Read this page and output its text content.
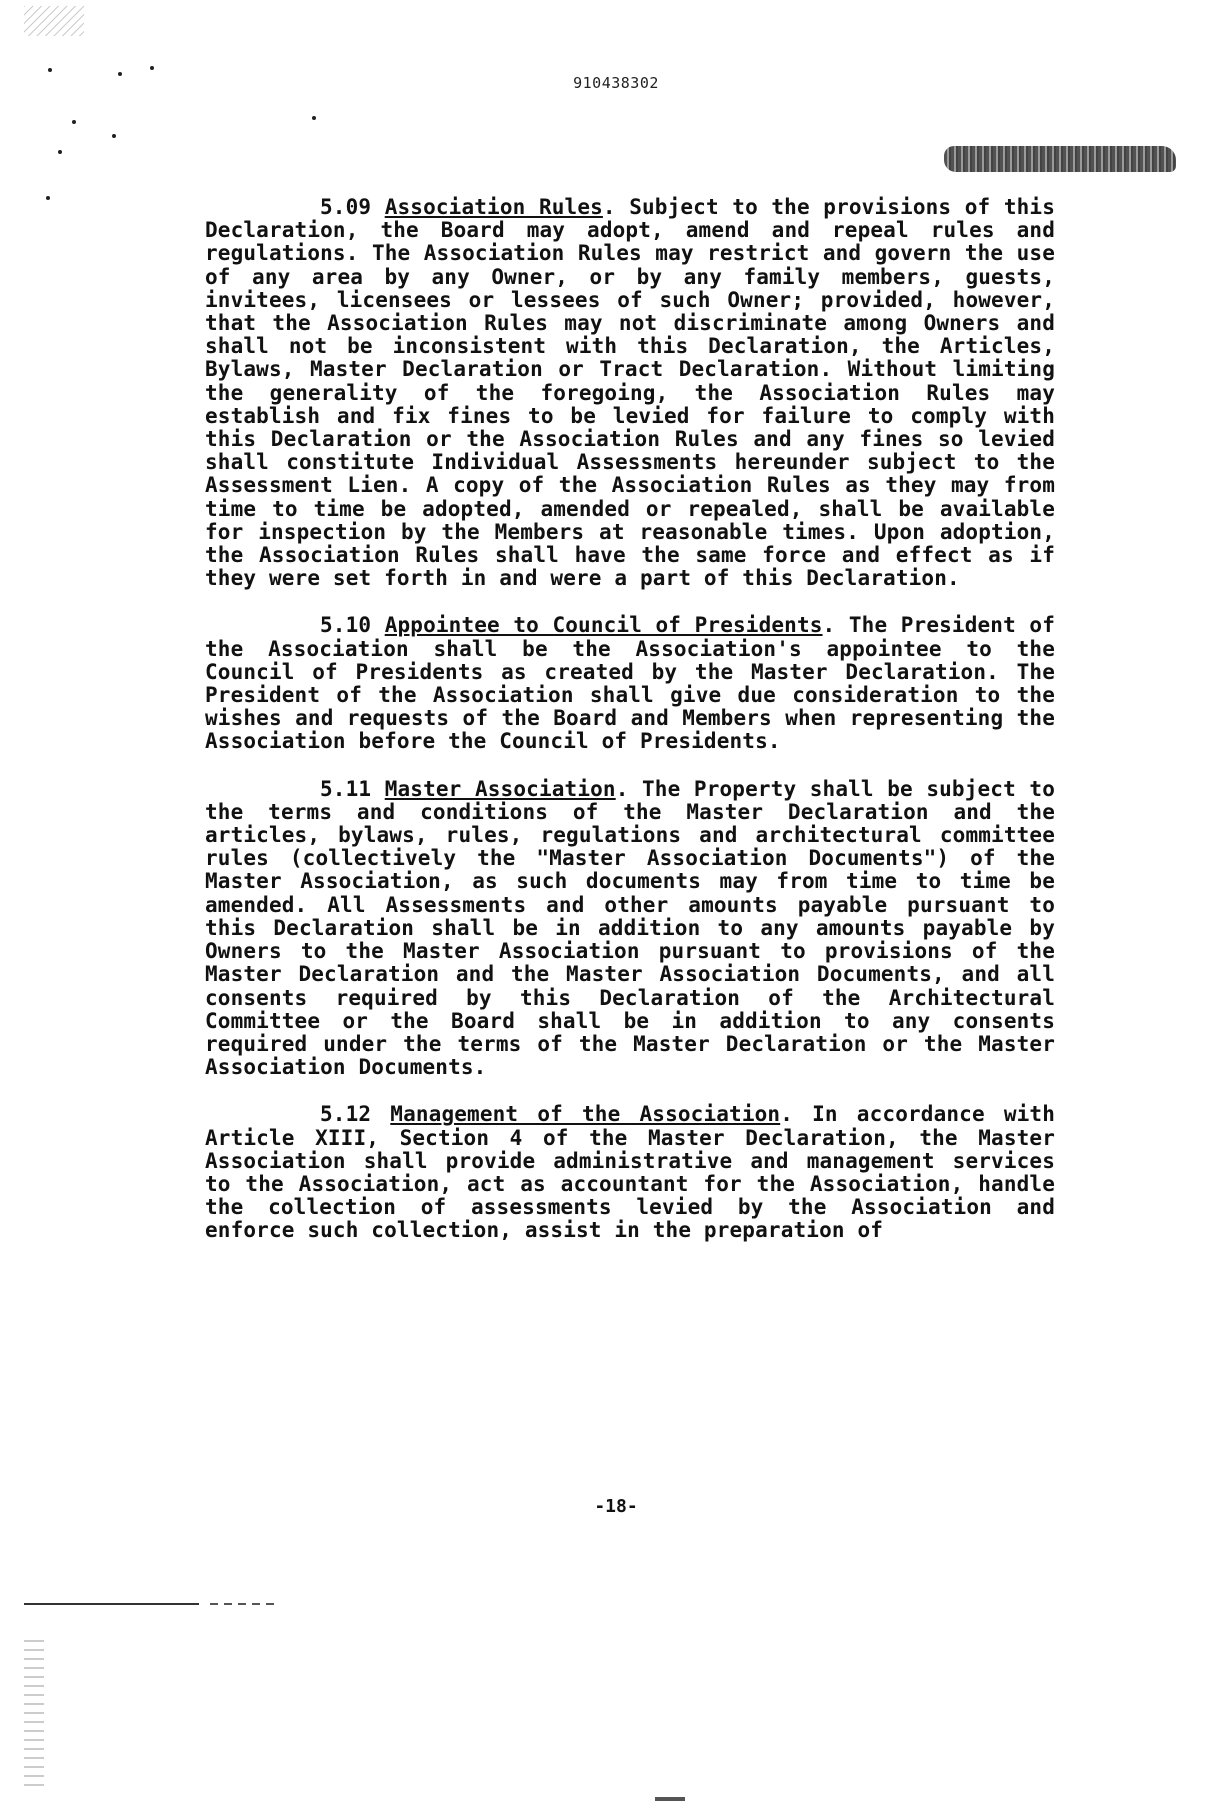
910438302

5.09 Association Rules. Subject to the provisions of this Declaration, the Board may adopt, amend and repeal rules and regulations. The Association Rules may restrict and govern the use of any area by any Owner, or by any family members, guests, invitees, licensees or lessees of such Owner; provided, however, that the Association Rules may not discriminate among Owners and shall not be inconsistent with this Declaration, the Articles, Bylaws, Master Declaration or Tract Declaration. Without limiting the generality of the foregoing, the Association Rules may establish and fix fines to be levied for failure to comply with this Declaration or the Association Rules and any fines so levied shall constitute Individual Assessments hereunder subject to the Assessment Lien. A copy of the Association Rules as they may from time to time be adopted, amended or repealed, shall be available for inspection by the Members at reasonable times. Upon adoption, the Association Rules shall have the same force and effect as if they were set forth in and were a part of this Declaration.

5.10 Appointee to Council of Presidents. The President of the Association shall be the Association's appointee to the Council of Presidents as created by the Master Declaration. The President of the Association shall give due consideration to the wishes and requests of the Board and Members when representing the Association before the Council of Presidents.

5.11 Master Association. The Property shall be subject to the terms and conditions of the Master Declaration and the articles, bylaws, rules, regulations and architectural committee rules (collectively the "Master Association Documents") of the Master Association, as such documents may from time to time be amended. All Assessments and other amounts payable pursuant to this Declaration shall be in addition to any amounts payable by Owners to the Master Association pursuant to provisions of the Master Declaration and the Master Association Documents, and all consents required by this Declaration of the Architectural Committee or the Board shall be in addition to any consents required under the terms of the Master Declaration or the Master Association Documents.

5.12 Management of the Association. In accordance with Article XIII, Section 4 of the Master Declaration, the Master Association shall provide administrative and management services to the Association, act as accountant for the Association, handle the collection of assessments levied by the Association and enforce such collection, assist in the preparation of

-18-
